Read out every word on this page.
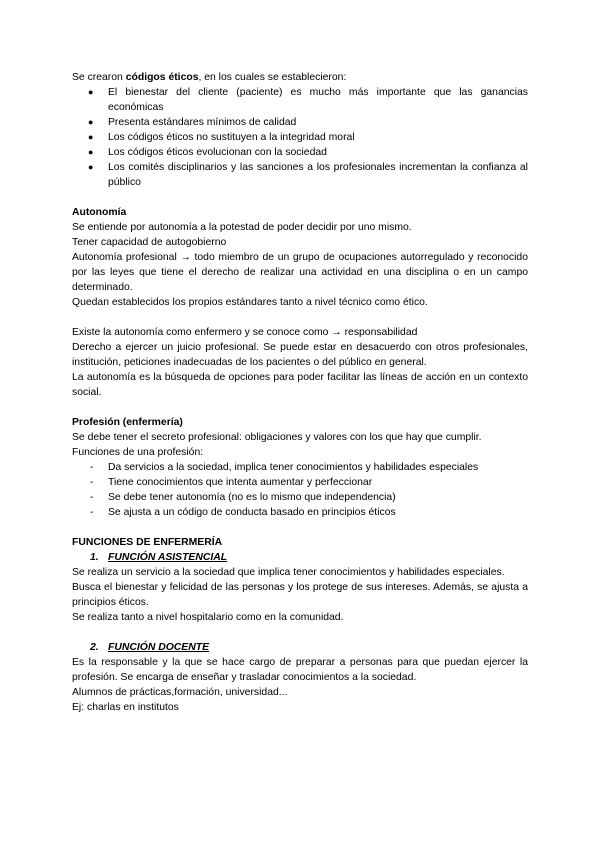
Se crearon códigos éticos, en los cuales se establecieron:

● El bienestar del cliente (paciente) es mucho más importante que las ganancias económicas
● Presenta estándares mínimos de calidad
● Los códigos éticos no sustituyen a la integridad moral
● Los códigos éticos evolucionan con la sociedad
● Los comités disciplinarios y las sanciones a los profesionales incrementan la confianza al público

Autonomía

Se entiende por autonomía a la potestad de poder decidir por uno mismo.

Tener capacidad de autogobierno

Autonomía profesional → todo miembro de un grupo de ocupaciones autorregulado y reconocido por las leyes que tiene el derecho de realizar una actividad en una disciplina o en un campo determinado.

Quedan establecidos los propios estándares tanto a nivel técnico como ético.

Existe la autonomía como enfermero y se conoce como → responsabilidad

Derecho a ejercer un juicio profesional. Se puede estar en desacuerdo con otros profesionales, institución, peticiones inadecuadas de los pacientes o del público en general.

La autonomía es la búsqueda de opciones para poder facilitar las líneas de acción en un contexto social.

Profesión (enfermería)

Se debe tener el secreto profesional: obligaciones y valores con los que hay que cumplir.

Funciones de una profesión:

- Da servicios a la sociedad, implica tener conocimientos y habilidades especiales
- Tiene conocimientos que intenta aumentar y perfeccionar
- Se debe tener autonomía (no es lo mismo que independencia)
- Se ajusta a un código de conducta basado en principios éticos

FUNCIONES DE ENFERMERÍA

1. FUNCIÓN ASISTENCIAL

Se realiza un servicio a la sociedad que implica tener conocimientos y habilidades especiales.

Busca el bienestar y felicidad de las personas y los protege de sus intereses. Además, se ajusta a principios éticos.

Se realiza tanto a nivel hospitalario como en la comunidad.

2. FUNCIÓN DOCENTE

Es la responsable y la que se hace cargo de preparar a personas para que puedan ejercer la profesión. Se encarga de enseñar y trasladar conocimientos a la sociedad.

Alumnos de prácticas,formación, universidad...

Ej: charlas en institutos
